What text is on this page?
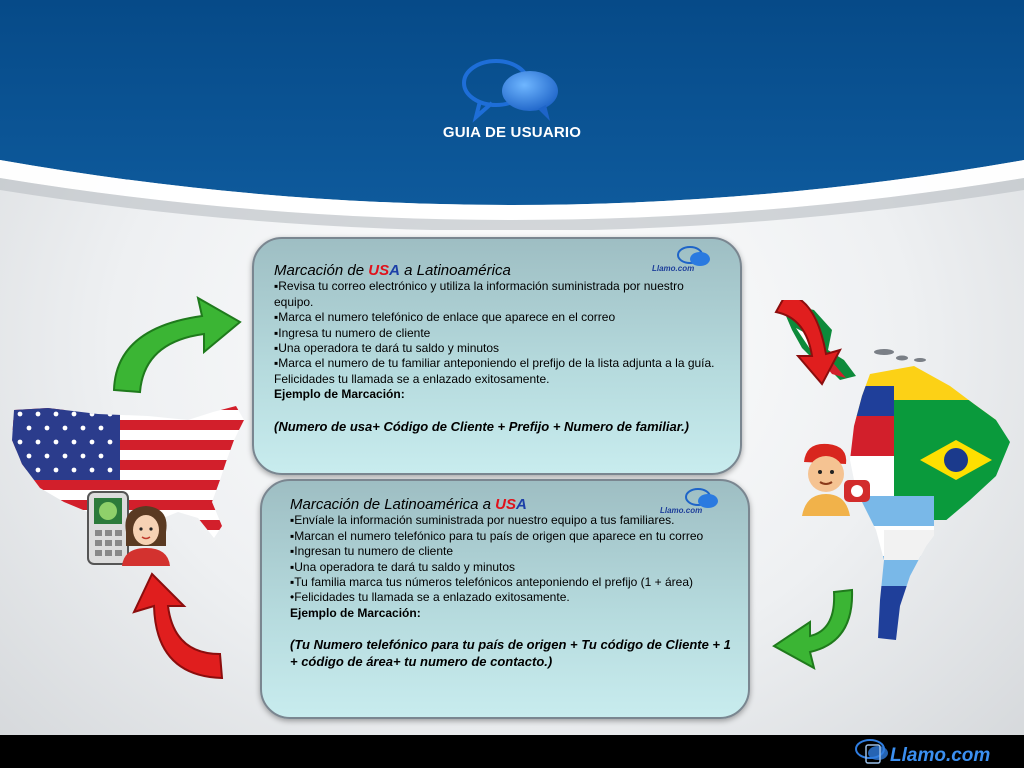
GUIA DE USUARIO
Llamo.com
Marcación de USA a Latinoamérica
▪Revisa tu correo electrónico y utiliza la información suministrada por nuestro equipo.
▪Marca el numero telefónico de enlace que aparece en el correo
▪Ingresa tu numero de cliente
▪Una operadora te dará tu saldo y minutos
▪Marca el numero de tu familiar anteponiendo el prefijo de la lista adjunta a la guía.
Felicidades tu llamada se a enlazado exitosamente.
Ejemplo de Marcación:
(Numero de usa+ Código de Cliente + Prefijo + Numero de familiar.)
Llamo.com
Marcación de Latinoamérica a USA
▪Envíale la información suministrada por nuestro equipo a tus familiares.
▪Marcan el numero telefónico para tu país de origen que aparece en tu correo
▪Ingresan tu numero de cliente
▪Una operadora te dará tu saldo y minutos
▪Tu familia marca tus números telefónicos anteponiendo el prefijo (1 + área)
•Felicidades tu llamada se a enlazado exitosamente.
Ejemplo de Marcación:
(Tu Numero telefónico para tu país de origen + Tu código de Cliente + 1 + código de área+ tu numero de contacto.)
Llamo.com
